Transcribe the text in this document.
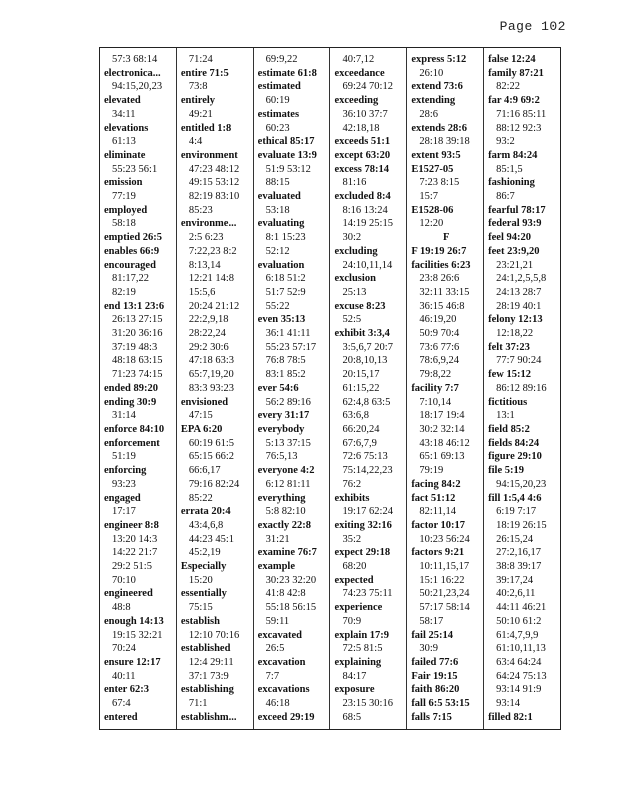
Page 102
57:3 68:14
electronica...
94:15,20,23
elevated
34:11
elevations
61:13
eliminate
55:23 56:1
emission
77:19
employed
58:18
emptied 26:5
enables 66:9
encouraged
81:17,22
82:19
end 13:1 23:6
26:13 27:15
31:20 36:16
37:19 48:3
48:18 63:15
71:23 74:15
ended 89:20
ending 30:9
31:14
enforce 84:10
enforcement
51:19
enforcing
93:23
engaged
17:17
engineer 8:8
13:20 14:3
14:22 21:7
29:2 51:5
70:10
engineered
48:8
enough 14:13
19:15 32:21
70:24
ensure 12:17
40:11
enter 62:3
67:4
entered
71:24
entire 71:5
73:8
entirely
49:21
entitled 1:8
4:4
environment
47:23 48:12
49:15 53:12
82:19 83:10
85:23
environme...
2:5 6:23
7:22,23 8:2
8:13,14
12:21 14:8
15:5,6
20:24 21:12
22:2,9,18
28:22,24
29:2 30:6
47:18 63:3
65:7,19,20
83:3 93:23
envisioned
47:15
EPA 6:20
60:19 61:5
65:15 66:2
66:6,17
79:16 82:24
85:22
errata 20:4
43:4,6,8
44:23 45:1
45:2,19
Especially
15:20
essentially
75:15
establish
12:10 70:16
established
12:4 29:11
37:1 73:9
establishing
71:1
establishm...
69:9,22
estimate 61:8
estimated
60:19
estimates
60:23
ethical 85:17
evaluate 13:9
51:9 53:12
88:15
evaluated
53:18
evaluating
8:1 15:23
52:12
evaluation
6:18 51:2
51:7 52:9
55:22
even 35:13
36:1 41:11
55:23 57:17
76:8 78:5
83:1 85:2
ever 54:6
56:2 89:16
every 31:17
everybody
5:13 37:15
76:5,13
everyone 4:2
6:12 81:11
everything
5:8 82:10
exactly 22:8
31:21
examine 76:7
example
30:23 32:20
41:8 42:8
55:18 56:15
59:11
excavated
26:5
excavation
7:7
excavations
46:18
exceed 29:19
40:7,12
exceedance
69:24 70:12
exceeding
36:10 37:7
42:18,18
exceeds 51:1
except 63:20
excess 78:14
81:16
excluded 8:4
8:16 13:24
14:19 25:15
30:2
excluding
24:10,11,14
exclusion
25:13
excuse 8:23
52:5
exhibit 3:3,4
3:5,6,7 20:7
20:8,10,13
20:15,17
61:15,22
62:4,8 63:5
63:6,8
66:20,24
67:6,7,9
72:6 75:13
75:14,22,23
76:2
exhibits
19:17 62:24
exiting 32:16
35:2
expect 29:18
68:20
expected
74:23 75:11
experience
70:9
explain 17:9
72:5 81:5
explaining
84:17
exposure
23:15 30:16
68:5
express 5:12
26:10
extend 73:6
extending
28:6
extends 28:6
28:18 39:18
extent 93:5
E1527-05
7:23 8:15
15:7
E1528-06
12:20
F
F 19:19 26:7
facilities 6:23
23:8 26:6
32:11 33:15
36:15 46:8
46:19,20
50:9 70:4
73:6 77:6
78:6,9,24
79:8,22
facility 7:7
7:10,14
18:17 19:4
30:2 32:14
43:18 46:12
65:1 69:13
79:19
facing 84:2
fact 51:12
82:11,14
factor 10:17
10:23 56:24
factors 9:21
10:11,15,17
15:1 16:22
50:21,23,24
57:17 58:14
58:17
fail 25:14
30:9
failed 77:6
Fair 19:15
faith 86:20
fall 6:5 53:15
falls 7:15
false 12:24
family 87:21
82:22
far 4:9 69:2
71:16 85:11
88:12 92:3
93:2
farm 84:24
85:1,5
fashioning
86:7
fearful 78:17
federal 93:9
feel 94:20
feet 23:9,20
23:21,21
24:1,2,5,5,8
24:13 28:7
28:19 40:1
felony 12:13
12:18,22
felt 37:23
77:7 90:24
few 15:12
86:12 89:16
fictitious
13:1
field 85:2
fields 84:24
figure 29:10
file 5:19
94:15,20,23
fill 1:5,4 4:6
6:19 7:17
18:19 26:15
26:15,24
27:2,16,17
38:8 39:17
39:17,24
40:2,6,11
44:11 46:21
50:10 61:2
61:4,7,9,9
61:10,11,13
63:4 64:24
64:24 75:13
93:14 91:9
93:14
filled 82:1
